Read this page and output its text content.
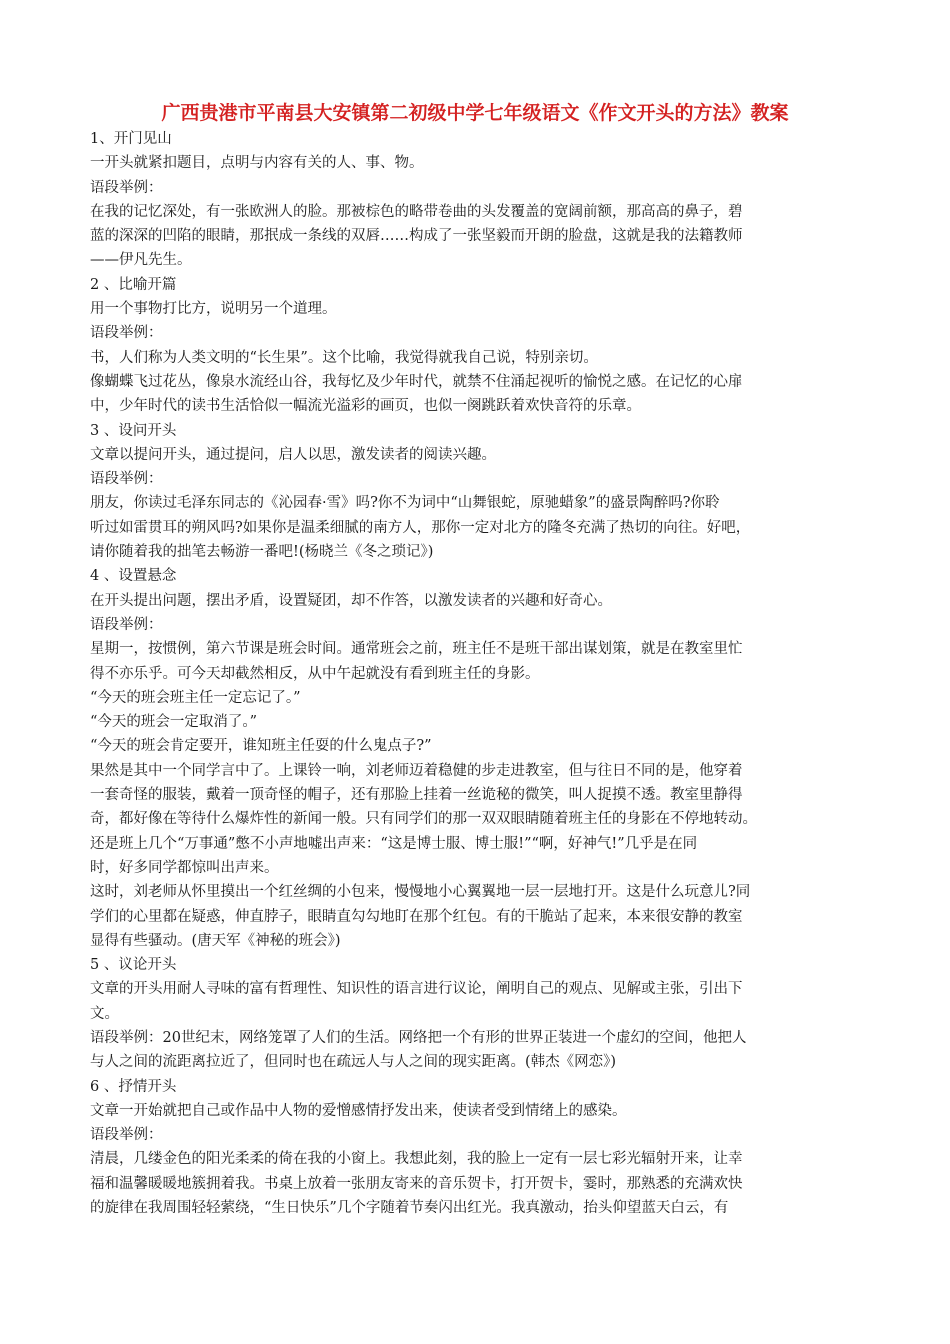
广西贵港市平南县大安镇第二初级中学七年级语文《作文开头的方法》教案

1、开门见山

一开头就紧扣题目，点明与内容有关的人、事、物。

语段举例：

在我的记忆深处，有一张欧洲人的脸。那被棕色的略带卷曲的头发覆盖的宽阔前额，那高高的鼻子，碧

蓝的深深的凹陷的眼睛，那抿成一条线的双唇……构成了一张坚毅而开朗的脸盘，这就是我的法籍教师

——伊凡先生。

2 、比喻开篇

用一个事物打比方，说明另一个道理。

语段举例：

书，人们称为人类文明的“长生果”。这个比喻，我觉得就我自己说，特别亲切。

像蝴蝶飞过花丛，像泉水流经山谷，我每忆及少年时代，就禁不住涌起视听的愉悦之感。在记忆的心扉

中，少年时代的读书生活恰似一幅流光溢彩的画页，也似一阕跳跃着欢快音符的乐章。

3 、设问开头

文章以提问开头，通过提问，启人以思，激发读者的阅读兴趣。

语段举例：

朋友，你读过毛泽东同志的《沁园春·雪》吗?你不为词中“山舞银蛇，原驰蜡象”的盛景陶醉吗?你聆

听过如雷贯耳的朔风吗?如果你是温柔细腻的南方人，那你一定对北方的隆冬充满了热切的向往。好吧，

请你随着我的拙笔去畅游一番吧!(杨晓兰《冬之琐记》)

4 、设置悬念

在开头提出问题，摆出矛盾，设置疑团，却不作答，以激发读者的兴趣和好奇心。

语段举例：

星期一，按惯例，第六节课是班会时间。通常班会之前，班主任不是班干部出谋划策，就是在教室里忙

得不亦乐乎。可今天却截然相反，从中午起就没有看到班主任的身影。

“今天的班会班主任一定忘记了。”

“今天的班会一定取消了。”

“今天的班会肯定要开，谁知班主任耍的什么鬼点子?”

果然是其中一个同学言中了。上课铃一响，刘老师迈着稳健的步走进教室，但与往日不同的是，他穿着

一套奇怪的服装，戴着一顶奇怪的帽子，还有那脸上挂着一丝诡秘的微笑，叫人捉摸不透。教室里静得

奇，都好像在等待什么爆炸性的新闻一般。只有同学们的那一双双眼睛随着班主任的身影在不停地转动。

还是班上几个“万事通”憋不小声地嘘出声来：“这是博士服、博士服!”“啊，好神气!”几乎是在同

时，好多同学都惊叫出声来。

这时，刘老师从怀里摸出一个红丝绸的小包来，慢慢地小心翼翼地一层一层地打开。这是什么玩意儿?同

学们的心里都在疑惑，伸直脖子，眼睛直勾勾地盯在那个红包。有的干脆站了起来，本来很安静的教室

显得有些骚动。(唐天军《神秘的班会》)

5 、议论开头

文章的开头用耐人寻味的富有哲理性、知识性的语言进行议论，阐明自己的观点、见解或主张，引出下

文。

语段举例：20世纪末，网络笼罩了人们的生活。网络把一个有形的世界正装进一个虚幻的空间，他把人

与人之间的流距离拉近了，但同时也在疏远人与人之间的现实距离。(韩杰《网恋》)

6 、抒情开头

文章一开始就把自己或作品中人物的爱憎感情抒发出来，使读者受到情绪上的感染。

语段举例：

清晨，几缕金色的阳光柔柔的倚在我的小窗上。我想此刻，我的脸上一定有一层七彩光辐射开来，让幸

福和温馨暖暖地簇拥着我。书桌上放着一张朋友寄来的音乐贺卡，打开贺卡，霎时，那熟悉的充满欢快

的旋律在我周围轻轻萦绕，“生日快乐”几个字随着节奏闪出红光。我真激动，抬头仰望蓝天白云，有
